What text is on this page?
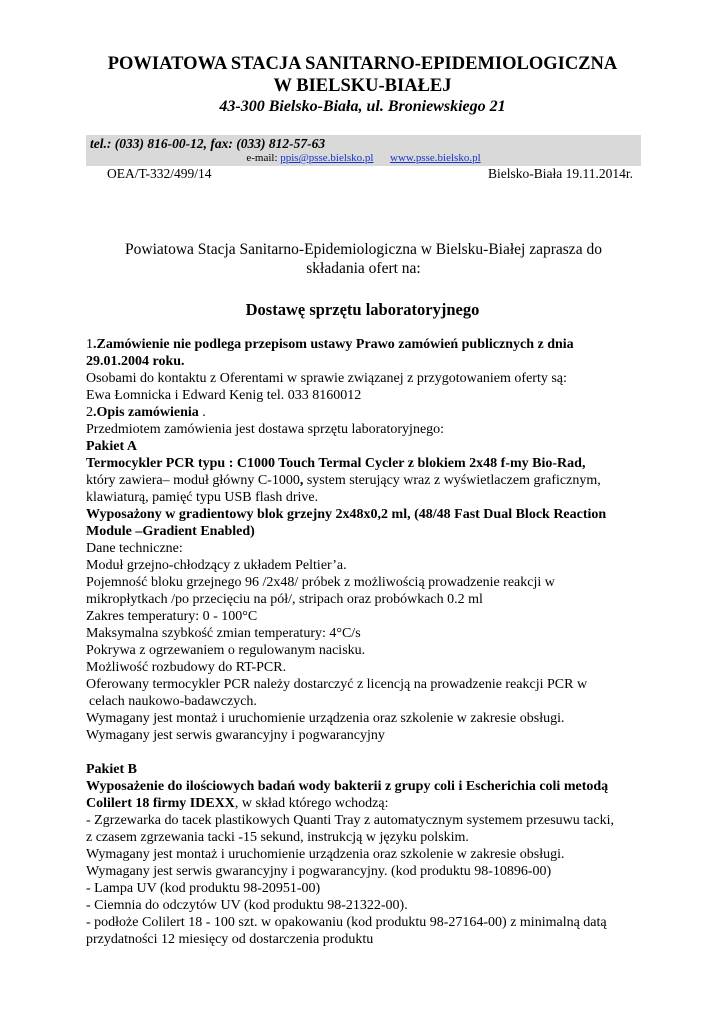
POWIATOWA STACJA SANITARNO-EPIDEMIOLOGICZNA
W BIELSKU-BIAŁEJ
43-300 Bielsko-Biała, ul. Broniewskiego 21
tel.: (033) 816-00-12, fax: (033) 812-57-63
e-mail: ppis@psse.bielsko.pl www.psse.bielsko.pl
OEA/T-332/499/14	Bielsko-Biała 19.11.2014r.
Powiatowa Stacja Sanitarno-Epidemiologiczna w Bielsku-Białej zaprasza do
składania ofert na:
Dostawę sprzętu laboratoryjnego

1.Zamówienie nie podlega przepisom ustawy Prawo zamówień publicznych z dnia

29.01.2004 roku.

Osobami do kontaktu z Oferentami w sprawie związanej z przygotowaniem oferty są:

Ewa Łomnicka i Edward Kenig tel. 033 8160012

2.Opis zamówienia .

Przedmiotem zamówienia jest dostawa sprzętu laboratoryjnego:

Pakiet A

Termocykler PCR typu : C1000 Touch Termal Cycler z blokiem 2x48 f-my Bio-Rad,

który zawiera– moduł główny C-1000, system sterujący wraz z wyświetlaczem graficznym,

klawiaturą, pamięć typu USB flash drive.

Wyposażony w gradientowy blok grzejny 2x48x0,2 ml, (48/48 Fast Dual Block Reaction

Module –Gradient Enabled)

Dane techniczne:

Moduł grzejno-chłodzący z układem Peltier’a.

Pojemność bloku grzejnego 96 /2x48/ próbek z możliwością prowadzenie reakcji w

mikropłytkach /po przecięciu na pół/, stripach oraz probówkach 0.2 ml

Zakres temperatury: 0 - 100°C

Maksymalna szybkość zmian temperatury: 4°C/s

Pokrywa z ogrzewaniem o regulowanym nacisku.

Możliwość rozbudowy do RT-PCR.

Oferowany termocykler PCR należy dostarczyć z licencją na prowadzenie reakcji PCR w

celach naukowo-badawczych.

Wymagany jest montaż i uruchomienie urządzenia oraz szkolenie w zakresie obsługi.

Wymagany jest serwis gwarancyjny i pogwarancyjny

Pakiet B

Wyposażenie do ilościowych badań wody bakterii z grupy coli i Escherichia coli metodą

Colilert 18 firmy IDEXX, w skład którego wchodzą:

- Zgrzewarka do tacek plastikowych Quanti Tray z automatycznym systemem przesuwu tacki,

z czasem zgrzewania tacki -15 sekund, instrukcją w języku polskim.

Wymagany jest montaż i uruchomienie urządzenia oraz szkolenie w zakresie obsługi.

Wymagany jest serwis gwarancyjny i pogwarancyjny. (kod produktu 98-10896-00)

- Lampa UV (kod produktu 98-20951-00)

- Ciemnia do odczytów UV (kod produktu 98-21322-00).

- podłoże Colilert 18 - 100 szt. w opakowaniu (kod produktu 98-27164-00) z minimalną datą

przydatności 12 miesięcy od dostarczenia produktu
